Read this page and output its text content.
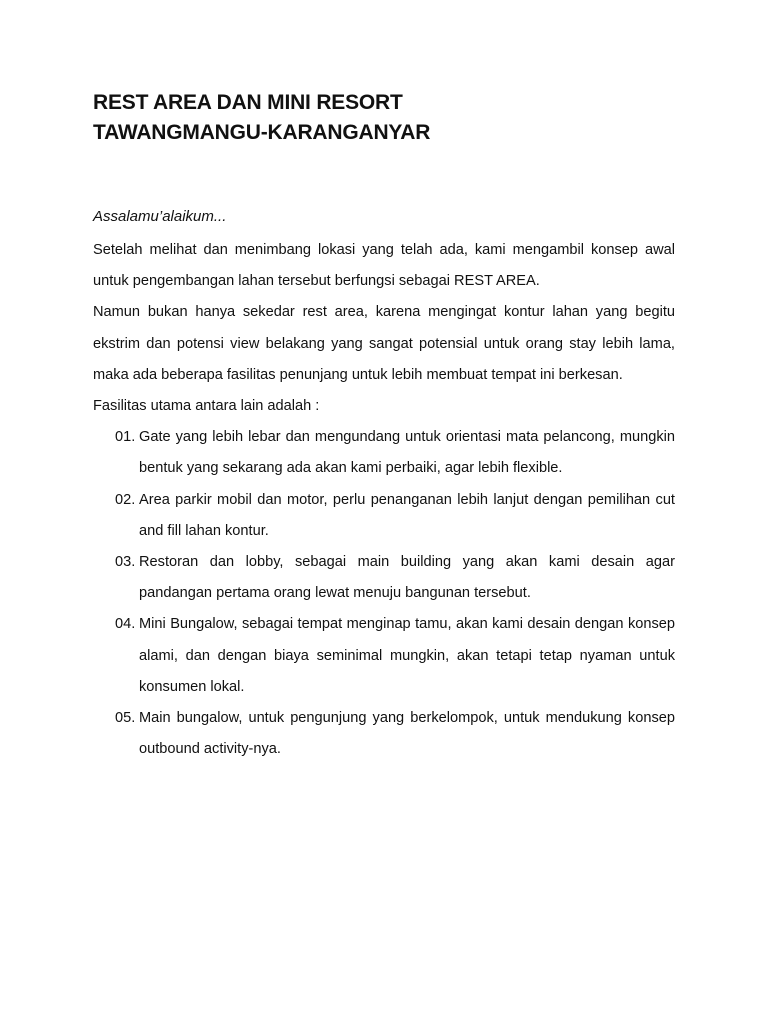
REST AREA DAN MINI RESORT
TAWANGMANGU-KARANGANYAR

Assalamu’alaikum...

Setelah melihat dan menimbang lokasi yang telah ada, kami mengambil konsep awal untuk pengembangan lahan tersebut berfungsi sebagai REST AREA.

Namun bukan hanya sekedar rest area, karena mengingat kontur lahan yang begitu ekstrim dan potensi view belakang yang sangat potensial untuk orang stay lebih lama, maka ada beberapa fasilitas penunjang untuk lebih membuat tempat ini berkesan.

Fasilitas utama antara lain adalah :

01. Gate yang lebih lebar dan mengundang untuk orientasi mata pelancong, mungkin bentuk yang sekarang ada akan kami perbaiki, agar lebih flexible.
02. Area parkir mobil dan motor, perlu penanganan lebih lanjut dengan pemilihan cut and fill lahan kontur.
03. Restoran dan lobby, sebagai main building yang akan kami desain agar pandangan pertama orang lewat menuju bangunan tersebut.
04. Mini Bungalow, sebagai tempat menginap tamu, akan kami desain dengan konsep alami, dan dengan biaya seminimal mungkin, akan tetapi tetap nyaman untuk konsumen lokal.
05. Main bungalow, untuk pengunjung yang berkelompok, untuk mendukung konsep outbound activity-nya.
